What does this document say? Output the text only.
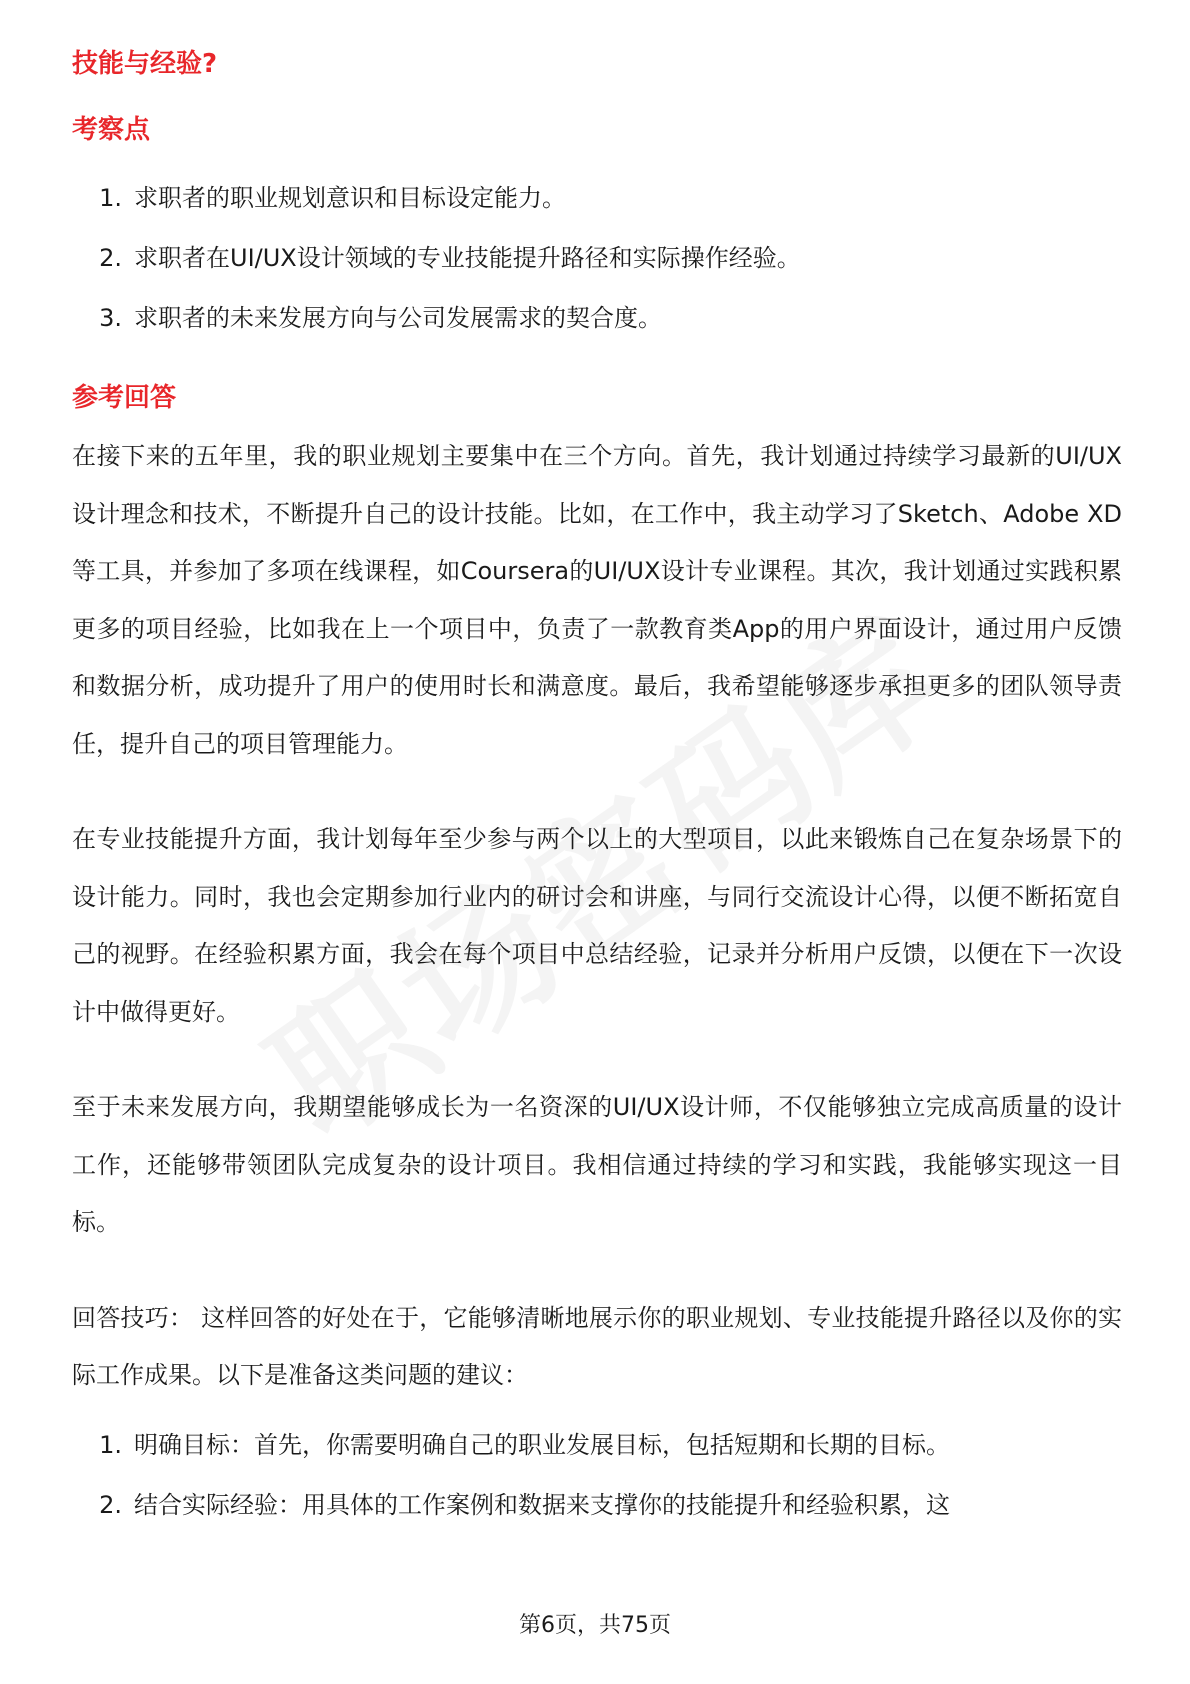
技能与经验?
考察点
1. 求职者的职业规划意识和目标设定能力。
2. 求职者在UI/UX设计领域的专业技能提升路径和实际操作经验。
3. 求职者的未来发展方向与公司发展需求的契合度。
参考回答

在接下来的五年里，我的职业规划主要集中在三个方向。首先，我计划通过持续学习最新的UI/UX设计理念和技术，不断提升自己的设计技能。比如，在工作中，我主动学习了Sketch、Adobe XD等工具，并参加了多项在线课程，如Coursera的UI/UX设计专业课程。其次，我计划通过实践积累更多的项目经验，比如我在上一个项目中，负责了一款教育类App的用户界面设计，通过用户反馈和数据分析，成功提升了用户的使用时长和满意度。最后，我希望能够逐步承担更多的团队领导责任，提升自己的项目管理能力。

在专业技能提升方面，我计划每年至少参与两个以上的大型项目，以此来锻炼自己在复杂场景下的设计能力。同时，我也会定期参加行业内的研讨会和讲座，与同行交流设计心得，以便不断拓宽自己的视野。在经验积累方面，我会在每个项目中总结经验，记录并分析用户反馈，以便在下一次设计中做得更好。

至于未来发展方向，我期望能够成长为一名资深的UI/UX设计师，不仅能够独立完成高质量的设计工作，还能够带领团队完成复杂的设计项目。我相信通过持续的学习和实践，我能够实现这一目标。

回答技巧： 这样回答的好处在于，它能够清晰地展示你的职业规划、专业技能提升路径以及你的实际工作成果。以下是准备这类问题的建议：

1. 明确目标：首先，你需要明确自己的职业发展目标，包括短期和长期的目标。
2. 结合实际经验：用具体的工作案例和数据来支撑你的技能提升和经验积累，这
第6页，共75页
